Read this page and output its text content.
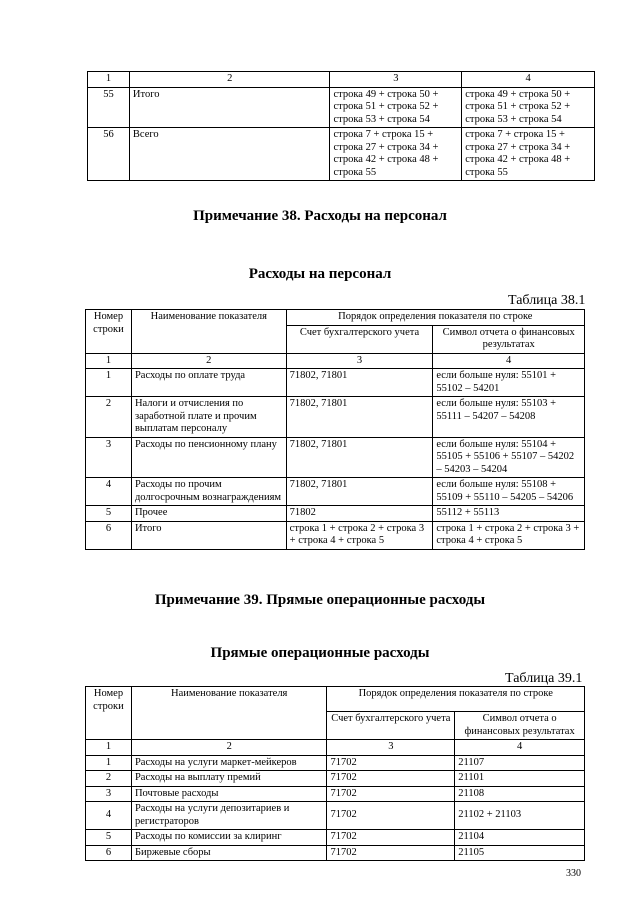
1	2	3	4
55	Итого	строка 49 + строка 50 + строка 51 + строка 52 + строка 53 + строка 54	строка 49 + строка 50 + строка 51 + строка 52 + строка 53 + строка 54
56	Всего	строка 7 + строка 15 + строка 27 + строка 34 + строка 42 + строка 48 + строка 55	строка 7 + строка 15 + строка 27 + строка 34 + строка 42 + строка 48 + строка 55
Примечание 38. Расходы на персонал
Расходы на персонал
Таблица 38.1
Номер строки	Наименование показателя	Порядок определения показателя по строке	
		Счет бухгалтерского учета	Символ отчета о финансовых результатах
1	2	3	4
1	Расходы по оплате труда	71802, 71801	если больше нуля: 55101 + 55102 – 54201
2	Налоги и отчисления по заработной плате и прочим выплатам персоналу	71802, 71801	если больше нуля: 55103 + 55111 – 54207 – 54208
3	Расходы по пенсионному плану	71802, 71801	если больше нуля: 55104 + 55105 + 55106 + 55107 – 54202 – 54203 – 54204
4	Расходы по прочим долгосрочным вознаграждениям	71802, 71801	если больше нуля: 55108 + 55109 + 55110 – 54205 – 54206
5	Прочее	71802	55112 + 55113
6	Итого	строка 1 + строка 2 + строка 3 + строка 4 + строка 5	строка 1 + строка 2 + строка 3 + строка 4 + строка 5
Примечание 39. Прямые операционные расходы
Прямые операционные расходы
Таблица 39.1
Номер строки	Наименование показателя	Порядок определения показателя по строке	
		Счет бухгалтерского учета	Символ отчета о финансовых результатах
1	2	3	4
1	Расходы на услуги маркет-мейкеров	71702	21107
2	Расходы на выплату премий	71702	21101
3	Почтовые расходы	71702	21108
4	Расходы на услуги депозитариев и регистраторов	71702	21102 + 21103
5	Расходы по комиссии за клиринг	71702	21104
6	Биржевые сборы	71702	21105
330
